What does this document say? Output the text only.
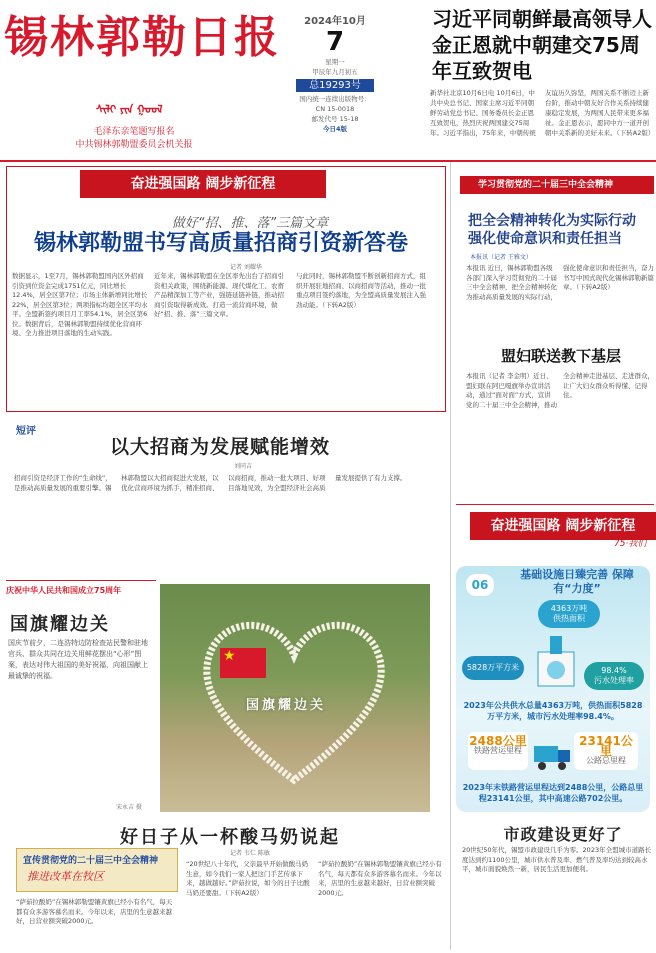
锡林郭勒日报
ᠰᠢᠯᠢ ᠶᠢᠨ ᠭᠣᠣᠯ
毛泽东亲笔题写报名
中共锡林郭勒盟委员会机关报
2024年10月
7
星期一
甲辰年九月初五
总19293号
国内统一连续出版物号：
CN 15-0018
邮发代号 15-18
今日4版
习近平同朝鲜最高领导人金正恩就中朝建交75周年互致贺电
新华社北京10月6日电 10月6日，中共中央总书记、国家主席习近平同朝鲜劳动党总书记、国务委员长金正恩互致贺电，热烈庆祝两国建交75周年。习近平指出，75年来，中朝传统友谊历久弥坚，两国关系不断迈上新台阶，推动中朝友好合作关系持续健康稳定发展，为两国人民带来更多福祉。金正恩表示，愿同中方一道开创朝中关系新的美好未来。（下转A2版）
奋进强国路 阔步新征程
做好“招、推、落”三篇文章
锡林郭勒盟书写高质量招商引资新答卷
记者 刘耀华
数据显示，1至7月，锡林郭勒盟国内区外招商引资到位资金完成1751亿元，同比增长12.4%，居全区第7位；市场主体新增同比增长22%，居全区第3位；两项指标均超全区平均水平。全盟新签约项目月工率54.1%，居全区第6位。数据背后，是锡林郭勒盟持续优化营商环境、全力推进项目落地的生动实践。
近年来，锡林郭勒盟在全区率先出台了招商引资相关政策，围绕新能源、现代煤化工、农畜产品精深加工等产业，强链延链补链，推动招商引资取得新成效。打造一流营商环境，做好“招、推、落”三篇文章。
与此同时，锡林郭勒盟不断创新招商方式，组织开展驻地招商、以商招商等活动，推动一批重点项目签约落地，为全盟高质量发展注入强劲动能。（下转A2版）
短评
以大招商为发展赋能增效
刘同吉
招商引资是经济工作的“生命线”，是推动高质量发展的重要引擎。锡林郭勒盟以大招商促进大发展，以优化营商环境为抓手，精准招商、以商招商，推动一批大项目、好项目落地见效，为全盟经济社会高质量发展提供了有力支撑。
庆祝中华人民共和国成立75周年
国旗耀边关
国庆节前夕，二连浩特边防检查站民警和驻地官兵、群众共同在边关用鲜花摆出“心形”图案，表达对伟大祖国的美好祝福，向祖国献上最诚挚的祝福。
宋永吉 摄
★
国旗耀边关
好日子从一杯酸马奶说起
记者 韦仁 陈敏
宣传贯彻党的二十届三中全会精神
推进改革在牧区
“萨茹拉酸奶”在锡林郭勒盟镶黄旗已经小有名气，每天都有众多游客慕名而来。今年以来，店里的生意越来越好，日营业额突破2000元。
“20世纪八十年代，父亲最早开始做酸马奶生意，如今我们一家人把这门手艺传承下来，越做越好。”萨茹拉说，如今的日子比酸马奶还要甜。（下转A2版）
“萨茹拉酸奶”在锡林郭勒盟镶黄旗已经小有名气，每天都有众多游客慕名而来。今年以来，店里的生意越来越好，日营业额突破2000元。
学习贯彻党的二十届三中全会精神
把全会精神转化为实际行动 强化使命意识和责任担当
本报讯（记者 王雅文）
本报讯 近日，锡林郭勒盟各级各部门深入学习贯彻党的二十届三中全会精神，把全会精神转化为推动高质量发展的实际行动，强化使命意识和责任担当，奋力书写中国式现代化锡林郭勒新篇章。（下转A2版）
盟妇联送教下基层
本报讯（记者 李金明）近日，盟妇联在阿巴嘎旗举办宣讲活动，通过“面对面”方式，宣讲党的二十届三中全会精神，推动全会精神走进基层、走进群众，让广大妇女群众听得懂、记得住。
奋进强国路 阔步新征程
75·我们
06
基础设施日臻完善 保障有“力度”
4363万吨
供热面积
5828万平方米	98.4%
污水处理率
2023年公共供水总量4363万吨，供热面积5828万平方米，城市污水处理率98.4%。
2488公里
铁路营运里程
23141公里
公路总里程
2023年末铁路营运里程达到2488公里，公路总里程23141公里，其中高速公路702公里。
市政建设更好了
20世纪50年代，锡盟市政建设几乎为零。2023年全盟城市道路长度达到约1100公里，城市供水普及率、燃气普及率均达到较高水平，城市面貌焕然一新，居民生活更加便利。
